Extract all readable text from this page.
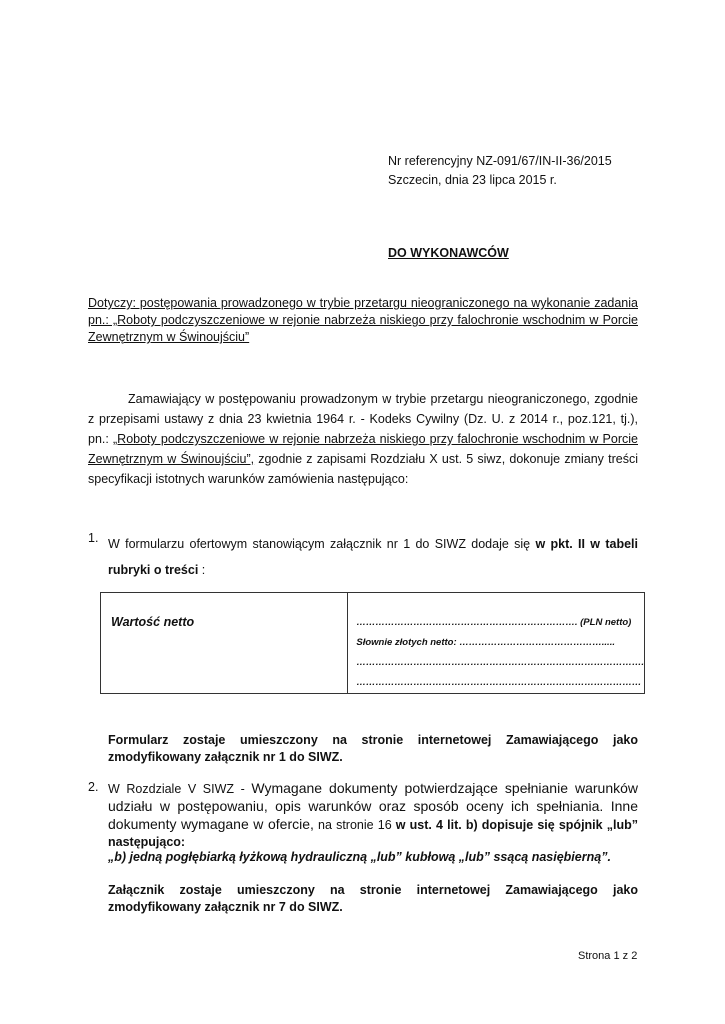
Nr referencyjny NZ-091/67/IN-II-36/2015
Szczecin, dnia 23 lipca 2015 r.
DO WYKONAWCÓW
Dotyczy: postępowania prowadzonego w trybie przetargu nieograniczonego na wykonanie zadania pn.: „Roboty podczyszczeniowe w rejonie nabrzeża niskiego przy falochronie wschodnim w Porcie Zewnętrznym w Świnoujściu”
Zamawiający w postępowaniu prowadzonym w trybie przetargu nieograniczonego, zgodnie z przepisami ustawy z dnia 23 kwietnia 1964 r. - Kodeks Cywilny (Dz. U. z 2014 r., poz.121, tj.), pn.: „Roboty podczyszczeniowe w rejonie nabrzeża niskiego przy falochronie wschodnim w Porcie Zewnętrznym w Świnoujściu”, zgodnie z zapisami Rozdziału X ust. 5 siwz, dokonuje zmiany treści specyfikacji istotnych warunków zamówienia następująco:
1. W formularzu ofertowym stanowiącym załącznik nr 1 do SIWZ dodaje się w pkt. II w tabeli rubryki o treści :
Wartość netto	……………………………………………………………. (PLN netto)
Słownie złotych netto: ……………………………………….....
……………………………………………………………………………….
………………………………………………………………………………
Formularz zostaje umieszczony na stronie internetowej Zamawiającego jako zmodyfikowany załącznik nr 1 do SIWZ.
2. W Rozdziale V SIWZ - Wymagane dokumenty potwierdzające spełnianie warunków udziału w postępowaniu, opis warunków oraz sposób oceny ich spełniania. Inne dokumenty wymagane w ofercie, na stronie 16 w ust. 4 lit. b) dopisuje się spójnik „lub” następująco:
„b) jedną pogłębiarką łyżkową hydrauliczną „lub” kubłową „lub” ssącą nasiębierną”.
Załącznik zostaje umieszczony na stronie internetowej Zamawiającego jako zmodyfikowany załącznik nr 7 do SIWZ.
Strona 1 z 2
